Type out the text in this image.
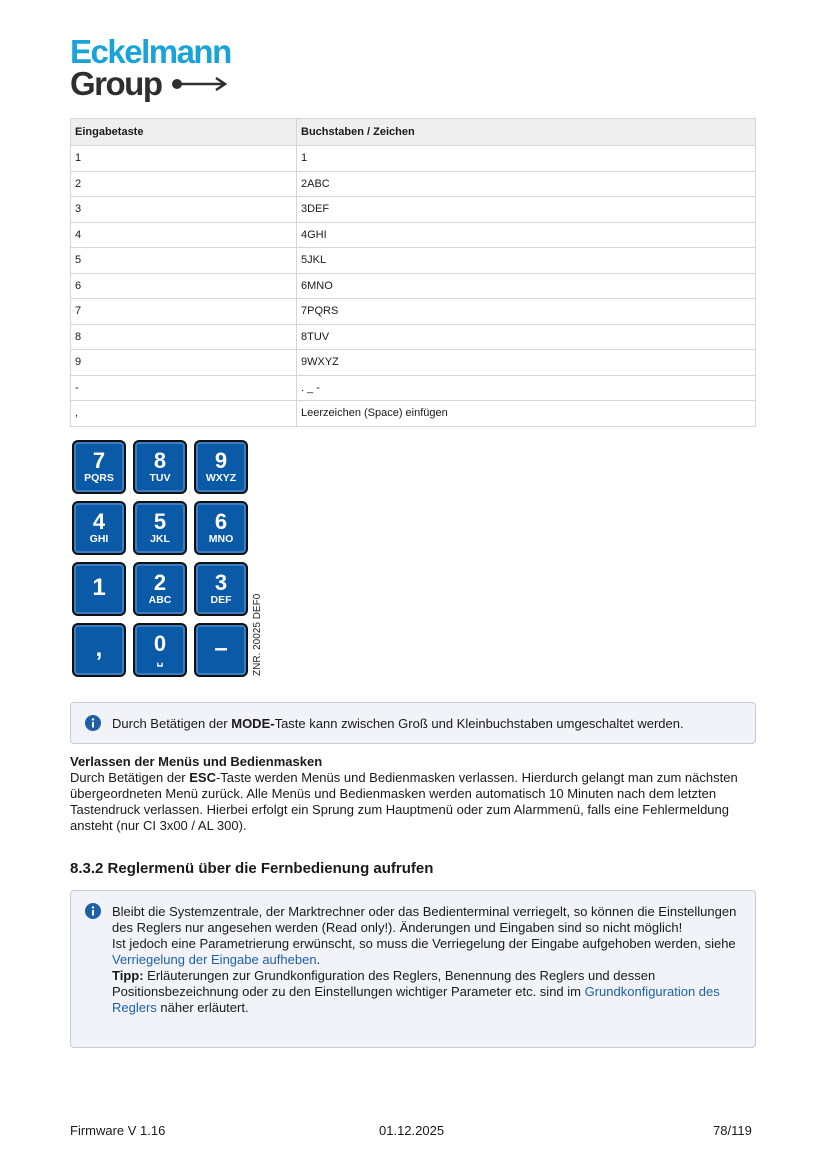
Eckelmann
Group
Eingabetaste	Buchstaben / Zeichen
1	1
2	2ABC
3	3DEF
4	4GHI
5	5JKL
6	6MNO
7	7PQRS
8	8TUV
9	9WXYZ
-	. _ -
,	Leerzeichen (Space) einfügen
7
PQRS
8
TUV
9
WXYZ
4
GHI
5
JKL
6
MNO
1	2
ABC
3
DEF
,	0
␣	–	ZNR. 20025 DEF0
Durch Betätigen der MODE-Taste kann zwischen Groß und Kleinbuchstaben umgeschaltet werden.
Verlassen der Menüs und Bedienmasken
Durch Betätigen der ESC-Taste werden Menüs und Bedienmasken verlassen. Hierdurch gelangt man zum nächsten übergeordneten Menü zurück. Alle Menüs und Bedienmasken werden automatisch 10 Minuten nach dem letzten Tastendruck verlassen. Hierbei erfolgt ein Sprung zum Hauptmenü oder zum Alarmmenü, falls eine Fehlermeldung ansteht (nur CI 3x00 / AL 300).
8.3.2 Reglermenü über die Fernbedienung aufrufen
Bleibt die Systemzentrale, der Marktrechner oder das Bedienterminal verriegelt, so können die Einstellungen des Reglers nur angesehen werden (Read only!). Änderungen und Eingaben sind so nicht möglich!
Ist jedoch eine Parametrierung erwünscht, so muss die Verriegelung der Eingabe aufgehoben werden, siehe Verriegelung der Eingabe aufheben.
Tipp: Erläuterungen zur Grundkonfiguration des Reglers, Benennung des Reglers und dessen Positionsbezeichnung oder zu den Einstellungen wichtiger Parameter etc. sind im Grundkonfiguration des Reglers näher erläutert.
Firmware V 1.16	01.12.2025	78/119
